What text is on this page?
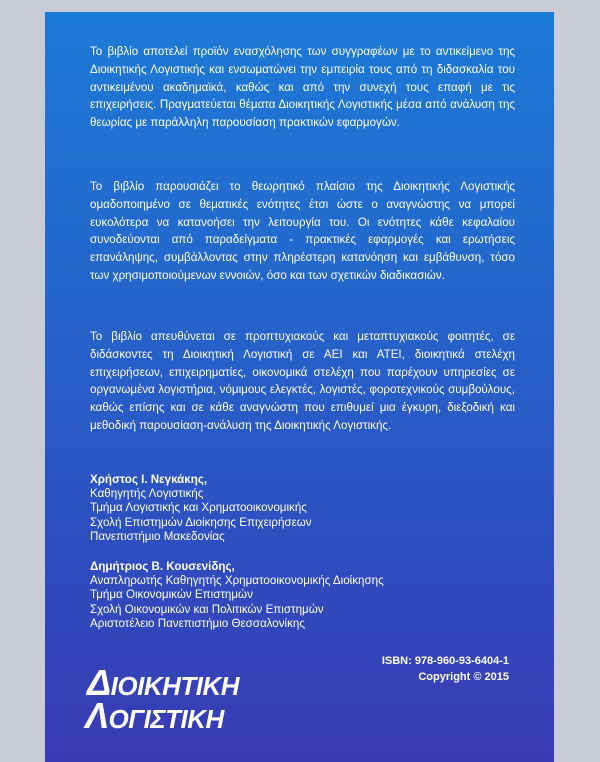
Το βιβλίο αποτελεί προϊόν ενασχόλησης των συγγραφέων με το αντικείμενο της Διοικητικής Λογιστικής και ενσωματώνει την εμπειρία τους από τη διδασκαλία του αντικειμένου ακαδημαϊκά, καθώς και από την συνεχή τους επαφή με τις επιχειρήσεις. Πραγματεύεται θέματα Διοικητικής Λογιστικής μέσα από ανάλυση της θεωρίας με παράλληλη παρουσίαση πρακτικών εφαρμογών.

Το βιβλίο παρουσιάζει το θεωρητικό πλαίσιο της Διοικητικής Λογιστικής ομαδοποιημένο σε θεματικές ενότητες έτσι ώστε ο αναγνώστης να μπορεί ευκολότερα να κατανοήσει την λειτουργία του. Οι ενότητες κάθε κεφαλαίου συνοδεύονται από παραδείγματα - πρακτικές εφαρμογές και ερωτήσεις επανάληψης, συμβάλλοντας στην πληρέστερη κατανόηση και εμβάθυνση, τόσο των χρησιμοποιούμενων εννοιών, όσο και των σχετικών διαδικασιών.

Το βιβλίο απευθύνεται σε προπτυχιακούς και μεταπτυχιακούς φοιτητές, σε διδάσκοντες τη Διοικητική Λογιστική σε ΑΕΙ και ΑΤΕΙ, διοικητικά στελέχη επιχειρήσεων, επιχειρηματίες, οικονομικά στελέχη που παρέχουν υπηρεσίες σε οργανωμένα λογιστήρια, νόμιμους ελεγκτές, λογιστές, φοροτεχνικούς συμβούλους, καθώς επίσης και σε κάθε αναγνώστη που επιθυμεί μια έγκυρη, διεξοδική και μεθοδική παρουσίαση-ανάλυση της Διοικητικής Λογιστικής.

Χρήστος Ι. Νεγκάκης,
Καθηγητής Λογιστικής
Τμήμα Λογιστικής και Χρηματοοικονομικής
Σχολή Επιστημών Διοίκησης Επιχειρήσεων
Πανεπιστήμιο Μακεδονίας
Δημήτριος Β. Κουσενίδης,
Αναπληρωτής Καθηγητής Χρηματοοικονομικής Διοίκησης
Τμήμα Οικονομικών Επιστημών
Σχολή Οικονομικών και Πολιτικών Επιστημών
Αριστοτέλειο Πανεπιστήμιο Θεσσαλονίκης
ISBN: 978-960-93-6404-1
Copyright © 2015
ΔΙΟΙΚΗΤΙΚΗ
ΛΟΓΙΣΤΙΚΗ
